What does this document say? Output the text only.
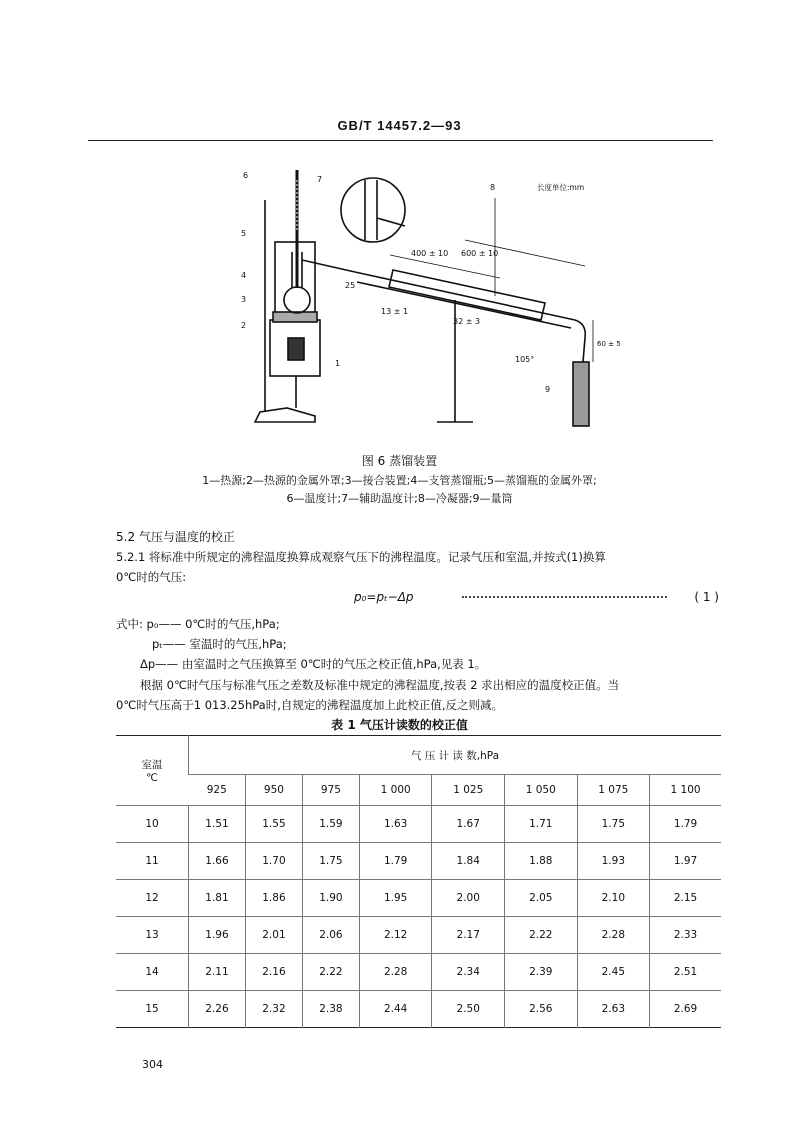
GB/T 14457.2—93
6	7
8	长度单位:mm
5
4
3
2
1
9
400 ± 10 600 ± 10
25
13 ± 1
32 ± 3
60 ± 5
105°
图 6 蒸馏装置
1—热源;2—热源的金属外罩;3—接合装置;4—支管蒸馏瓶;5—蒸馏瓶的金属外罩;
6—温度计;7—辅助温度计;8—冷凝器;9—量筒
5.2 气压与温度的校正
5.2.1 将标准中所规定的沸程温度换算成观察气压下的沸程温度。记录气压和室温,并按式(1)换算
0℃时的气压:
p₀=pₜ−Δp	( 1 )
式中: p₀—— 0℃时的气压,hPa;
pₜ—— 室温时的气压,hPa;
Δp—— 由室温时之气压换算至 0℃时的气压之校正值,hPa,见表 1。
根据 0℃时气压与标准气压之差数及标准中规定的沸程温度,按表 2 求出相应的温度校正值。当
0℃时气压高于1 013.25hPa时,自规定的沸程温度加上此校正值,反之则减。
表 1 气压计读数的校正值
室温
℃	气 压 计 读 数,hPa							
	925	950	975	1 000	1 025	1 050	1 075	1 100
10	1.51	1.55	1.59	1.63	1.67	1.71	1.75	1.79
11	1.66	1.70	1.75	1.79	1.84	1.88	1.93	1.97
12	1.81	1.86	1.90	1.95	2.00	2.05	2.10	2.15
13	1.96	2.01	2.06	2.12	2.17	2.22	2.28	2.33
14	2.11	2.16	2.22	2.28	2.34	2.39	2.45	2.51
15	2.26	2.32	2.38	2.44	2.50	2.56	2.63	2.69
304
